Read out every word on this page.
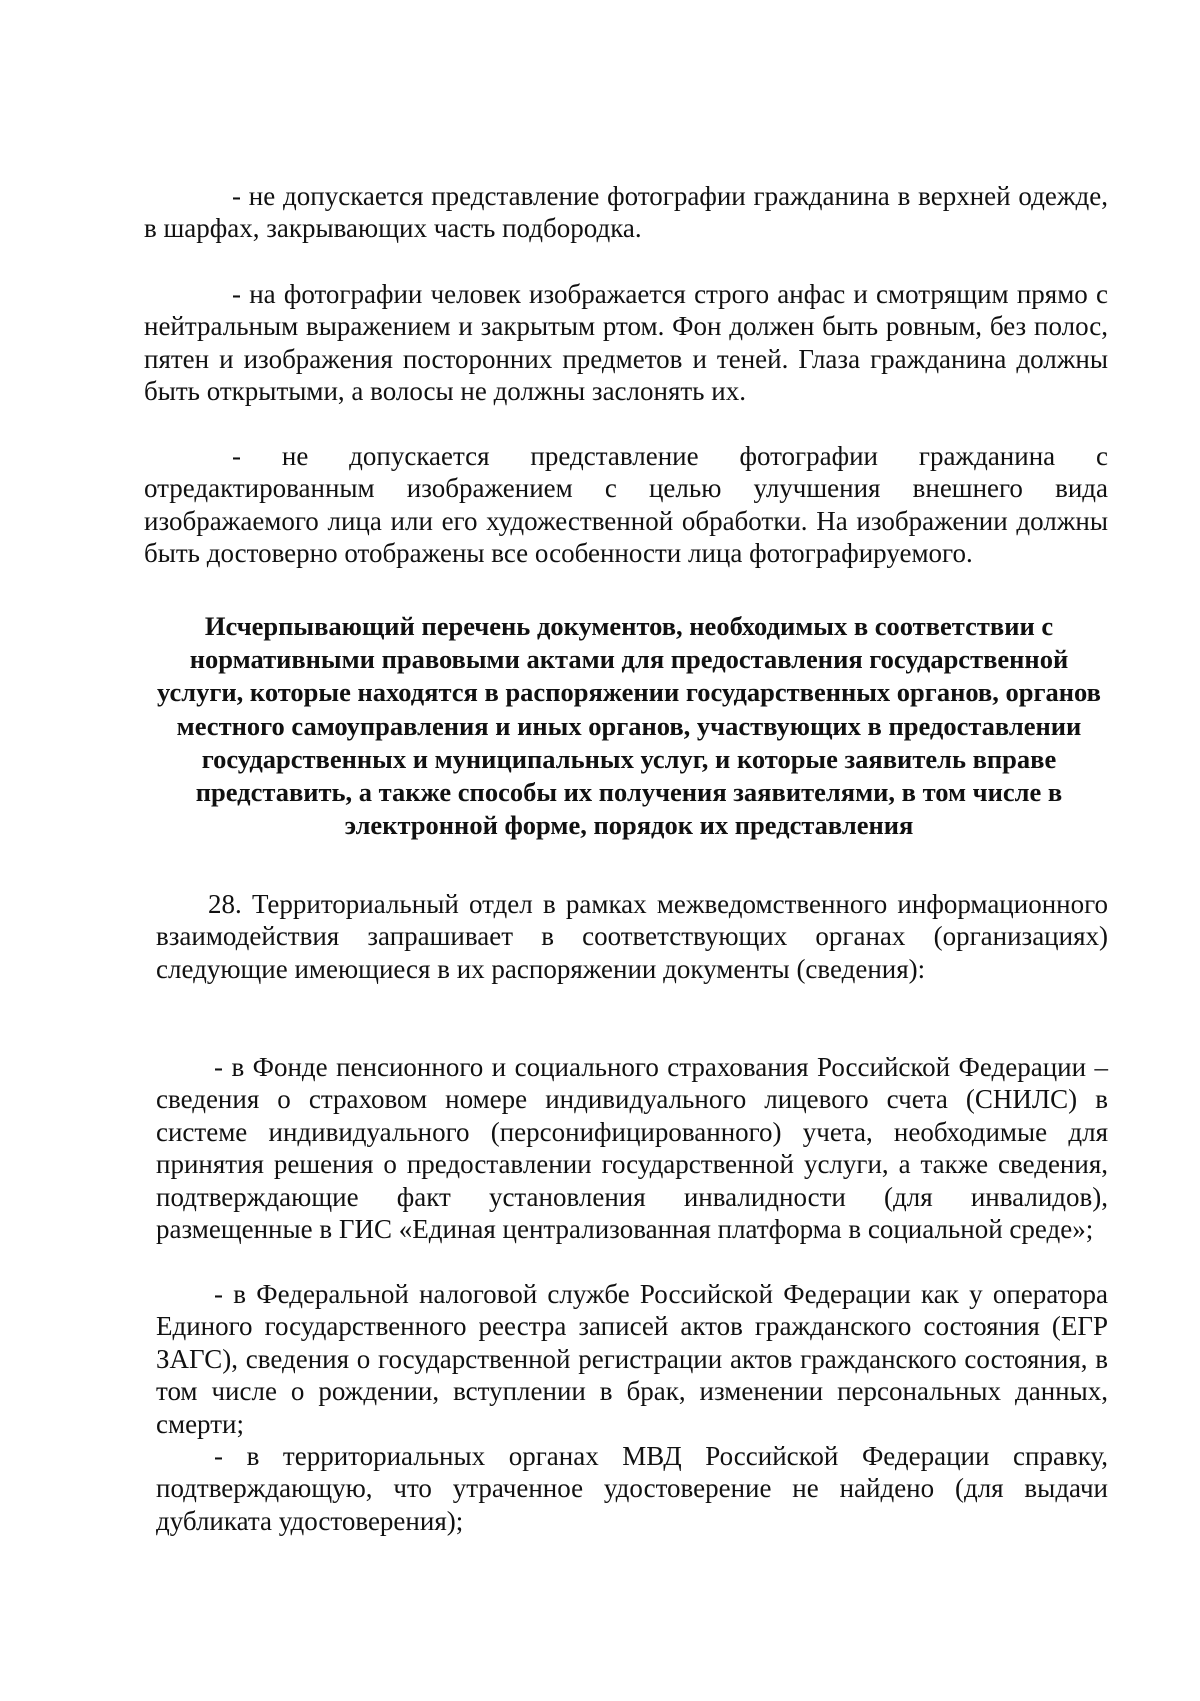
- не допускается представление фотографии гражданина в верхней одежде, в шарфах, закрывающих часть подбородка.

- на фотографии человек изображается строго анфас и смотрящим прямо с нейтральным выражением и закрытым ртом. Фон должен быть ровным, без полос, пятен и изображения посторонних предметов и теней. Глаза гражданина должны быть открытыми, а волосы не должны заслонять их.

- не допускается представление фотографии гражданина с отредактированным изображением с целью улучшения внешнего вида изображаемого лица или его художественной обработки. На изображении должны быть достоверно отображены все особенности лица фотографируемого.

Исчерпывающий перечень документов, необходимых в соответствии с нормативными правовыми актами для предоставления государственной услуги, которые находятся в распоряжении государственных органов, органов местного самоуправления и иных органов, участвующих в предоставлении государственных и муниципальных услуг, и которые заявитель вправе представить, а также способы их получения заявителями, в том числе в электронной форме, порядок их представления

28. Территориальный отдел в рамках межведомственного информационного взаимодействия запрашивает в соответствующих органах (организациях) следующие имеющиеся в их распоряжении документы (сведения):

- в Фонде пенсионного и социального страхования Российской Федерации – сведения о страховом номере индивидуального лицевого счета (СНИЛС) в системе индивидуального (персонифицированного) учета, необходимые для принятия решения о предоставлении государственной услуги, а также сведения, подтверждающие факт установления инвалидности (для инвалидов), размещенные в ГИС «Единая централизованная платформа в социальной среде»;

- в Федеральной налоговой службе Российской Федерации как у оператора Единого государственного реестра записей актов гражданского состояния (ЕГР ЗАГС), сведения о государственной регистрации актов гражданского состояния, в том числе о рождении, вступлении в брак, изменении персональных данных, смерти;

- в территориальных органах МВД Российской Федерации справку, подтверждающую, что утраченное удостоверение не найдено (для выдачи дубликата удостоверения);
